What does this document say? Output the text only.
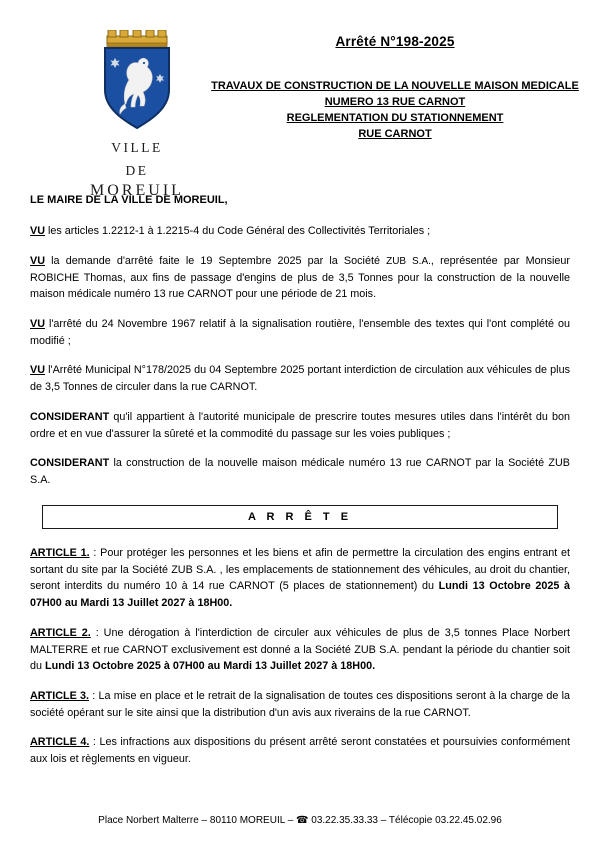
VILLE
DE
MOREUIL
Arrêté N°198-2025
TRAVAUX DE CONSTRUCTION DE LA NOUVELLE MAISON MEDICALE
NUMERO 13 RUE CARNOT
REGLEMENTATION DU STATIONNEMENT
RUE CARNOT
LE MAIRE DE LA VILLE DE MOREUIL,

VU les articles 1.2212-1 à 1.2215-4 du Code Général des Collectivités Territoriales ;

VU la demande d'arrêté faite le 19 Septembre 2025 par la Société ZUB S.A., représentée par Monsieur ROBICHE Thomas, aux fins de passage d'engins de plus de 3,5 Tonnes pour la construction de la nouvelle maison médicale numéro 13 rue CARNOT pour une période de 21 mois.

VU l'arrêté du 24 Novembre 1967 relatif à la signalisation routière, l'ensemble des textes qui l'ont complété ou modifié ;

VU l'Arrêté Municipal N°178/2025 du 04 Septembre 2025 portant interdiction de circulation aux véhicules de plus de 3,5 Tonnes de circuler dans la rue CARNOT.

CONSIDERANT qu'il appartient à l'autorité municipale de prescrire toutes mesures utiles dans l'intérêt du bon ordre et en vue d'assurer la sûreté et la commodité du passage sur les voies publiques ;

CONSIDERANT la construction de la nouvelle maison médicale numéro 13 rue CARNOT par la Société ZUB S.A.

A R R Ê T E

ARTICLE 1. : Pour protéger les personnes et les biens et afin de permettre la circulation des engins entrant et sortant du site par la Société ZUB S.A. , les emplacements de stationnement des véhicules, au droit du chantier, seront interdits du numéro 10 à 14 rue CARNOT (5 places de stationnement) du Lundi 13 Octobre 2025 à 07H00 au Mardi 13 Juillet 2027 à 18H00.

ARTICLE 2. : Une dérogation à l'interdiction de circuler aux véhicules de plus de 3,5 tonnes Place Norbert MALTERRE et rue CARNOT exclusivement est donné a la Société ZUB S.A. pendant la période du chantier soit du Lundi 13 Octobre 2025 à 07H00 au Mardi 13 Juillet 2027 à 18H00.

ARTICLE 3. : La mise en place et le retrait de la signalisation de toutes ces dispositions seront à la charge de la société opérant sur le site ainsi que la distribution d'un avis aux riverains de la rue CARNOT.

ARTICLE 4. : Les infractions aux dispositions du présent arrêté seront constatées et poursuivies conformément aux lois et règlements en vigueur.

Place Norbert Malterre – 80110 MOREUIL – ☎ 03.22.35.33.33 – Télécopie 03.22.45.02.96
